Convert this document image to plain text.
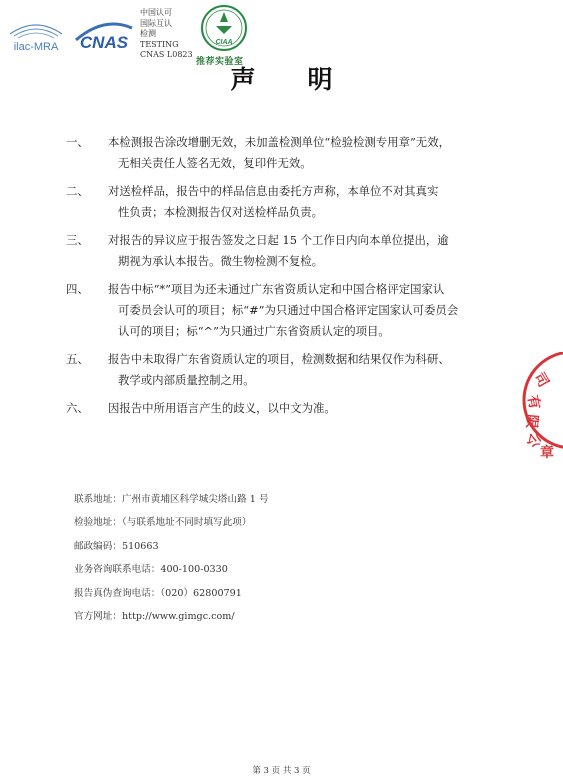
ilac-MRA CNAS
中国认可
国际互认
检测
TESTING
CNAS L0823
CIAA
推荐实验室
声明
一、	本检测报告涂改增删无效，未加盖检测单位“检验检测专用章”无效，
无相关责任人签名无效，复印件无效。
二、	对送检样品，报告中的样品信息由委托方声称，本单位不对其真实
性负责；本检测报告仅对送检样品负责。
三、	对报告的异议应于报告签发之日起 15 个工作日内向本单位提出，逾
期视为承认本报告。微生物检测不复检。
四、	报告中标“*”项目为还未通过广东省资质认定和中国合格评定国家认
可委员会认可的项目；标“#”为只通过中国合格评定国家认可委员会
认可的项目；标“^”为只通过广东省资质认定的项目。
五、	报告中未取得广东省资质认定的项目，检测数据和结果仅作为科研、
教学或内部质量控制之用。
六、	因报告中所用语言产生的歧义，以中文为准。
联系地址：广州市黄埔区科学城尖塔山路 1 号
检验地址：（与联系地址不同时填写此项）
邮政编码：510663
业务咨询联系电话：400-100-0330
报告真伪查询电话：（020）62800791
官方网址：http://www.gimgc.com/
司
有
限
公
章
第 3 页 共 3 页
